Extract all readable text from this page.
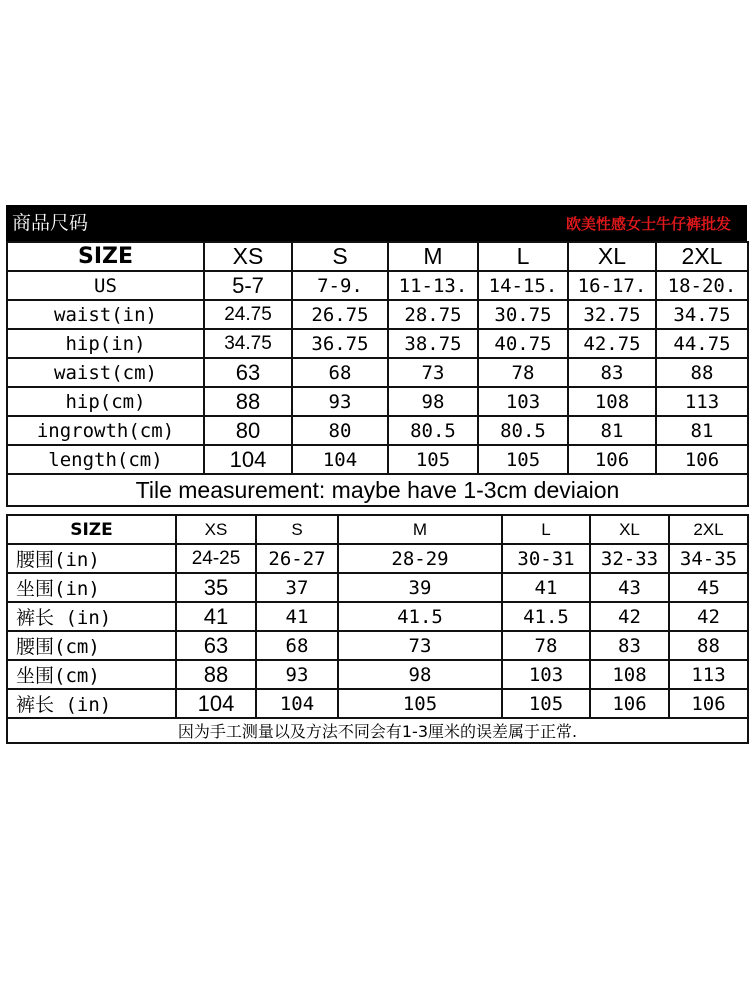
商品尺码	欧美性感女士牛仔裤批发
SIZE	XS	S	M	L	XL	2XL
US	5-7	7-9.	11-13.	14-15.	16-17.	18-20.
waist(in)	24.75	26.75	28.75	30.75	32.75	34.75
hip(in)	34.75	36.75	38.75	40.75	42.75	44.75
waist(cm)	63	68	73	78	83	88
hip(cm)	88	93	98	103	108	113
ingrowth(cm)	80	80	80.5	80.5	81	81
length(cm)	104	104	105	105	106	106
Tile measurement: maybe have 1-3cm deviaion						
SIZE	XS	S	M	L	XL	2XL
腰围(in)	24-25	26-27	28-29	30-31	32-33	34-35
坐围(in)	35	37	39	41	43	45
裤长 (in)	41	41	41.5	41.5	42	42
腰围(cm)	63	68	73	78	83	88
坐围(cm)	88	93	98	103	108	113
裤长 (in)	104	104	105	105	106	106
因为手工测量以及方法不同会有1-3厘米的误差属于正常.						
